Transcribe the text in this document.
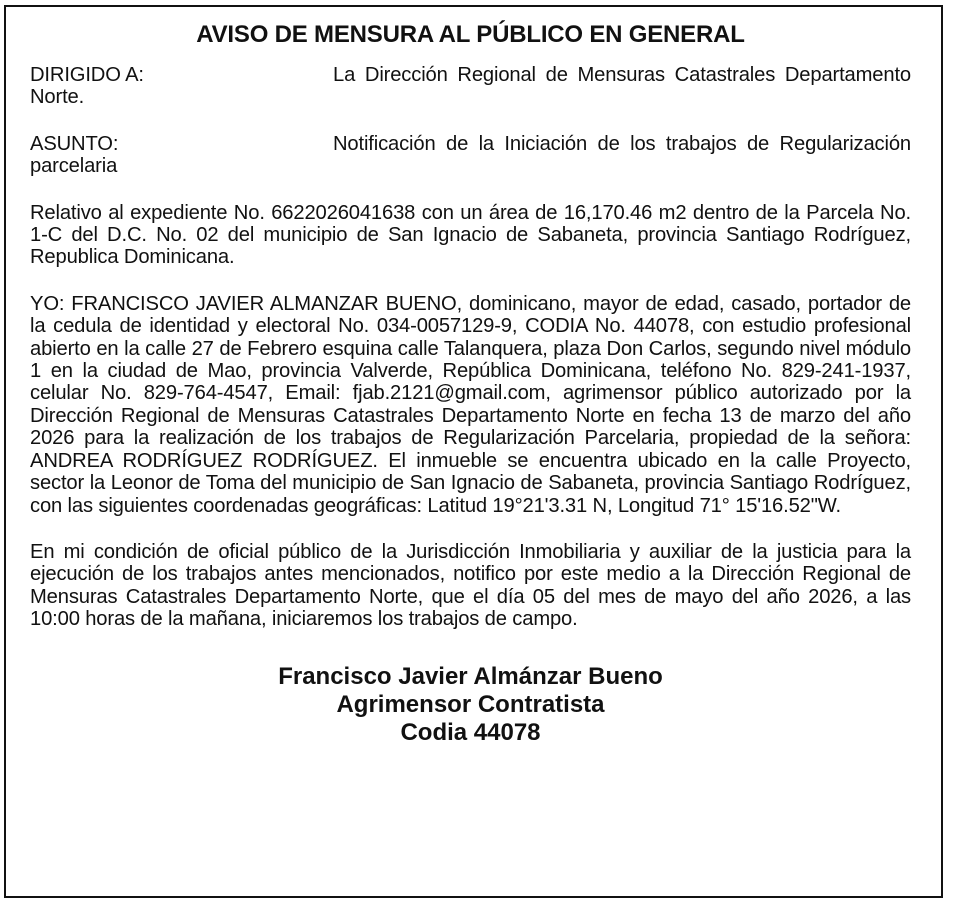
AVISO DE MENSURA AL PÚBLICO EN GENERAL
DIRIGIDO A:	La Dirección Regional de Mensuras Catastrales Departamento Norte.
ASUNTO:	Notificación de la Iniciación de los trabajos de Regularización parcelaria
Relativo al expediente No. 6622026041638 con un área de 16,170.46 m2 dentro de la Parcela No. 1-C del D.C. No. 02 del municipio de San Ignacio de Sabaneta, provincia Santiago Rodríguez, Republica Dominicana.
YO: FRANCISCO JAVIER ALMANZAR BUENO, dominicano, mayor de edad, casado, portador de la cedula de identidad y electoral No. 034-0057129-9, CODIA No. 44078, con estudio profesional abierto en la calle 27 de Febrero esquina calle Talanquera, plaza Don Carlos, segundo nivel módulo 1 en la ciudad de Mao, provincia Valverde, República Dominicana, teléfono No. 829-241-1937, celular No. 829-764-4547, Email: fjab.2121@gmail.com, agrimensor público autorizado por la Dirección Regional de Mensuras Catastrales Departamento Norte en fecha 13 de marzo del año 2026 para la realización de los trabajos de Regularización Parcelaria, propiedad de la señora: ANDREA RODRÍGUEZ RODRÍGUEZ. El inmueble se encuentra ubicado en la calle Proyecto, sector la Leonor de Toma del municipio de San Ignacio de Sabaneta, provincia Santiago Rodríguez, con las siguientes coordenadas geográficas: Latitud 19°21'3.31 N, Longitud 71° 15'16.52"W.
En mi condición de oficial público de la Jurisdicción Inmobiliaria y auxiliar de la justicia para la ejecución de los trabajos antes mencionados, notifico por este medio a la Dirección Regional de Mensuras Catastrales Departamento Norte, que el día 05 del mes de mayo del año 2026, a las 10:00 horas de la mañana, iniciaremos los trabajos de campo.
Francisco Javier Almánzar Bueno
Agrimensor Contratista
Codia 44078
